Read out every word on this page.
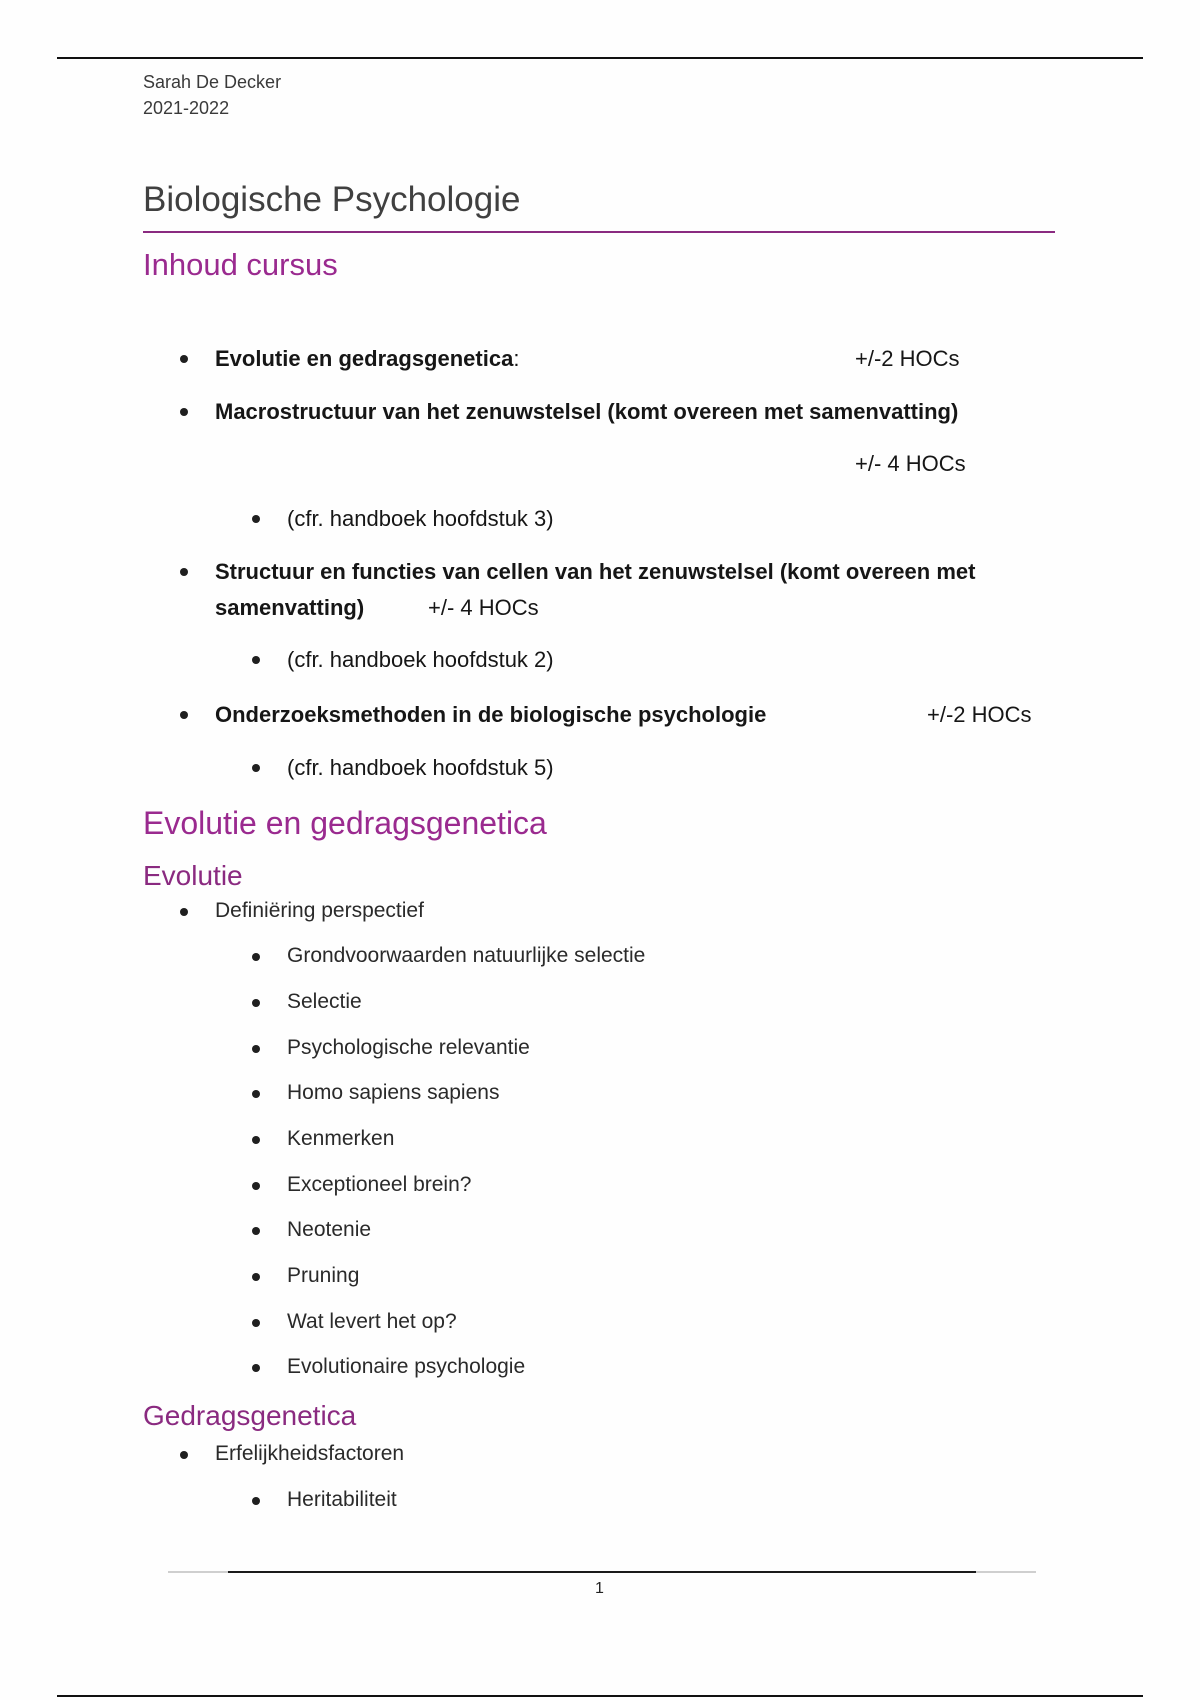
Sarah De Decker
2021-2022
Biologische Psychologie
Inhoud cursus
Evolutie en gedragsgenetica:	+/-2 HOCs
Macrostructuur van het zenuwstelsel (komt overeen met samenvatting)
+/- 4 HOCs
(cfr. handboek hoofdstuk 3)
Structuur en functies van cellen van het zenuwstelsel (komt overeen met
samenvatting)	+/- 4 HOCs
(cfr. handboek hoofdstuk 2)
Onderzoeksmethoden in de biologische psychologie	+/-2 HOCs
(cfr. handboek hoofdstuk 5)
Evolutie en gedragsgenetica
Evolutie
Definiëring perspectief
Grondvoorwaarden natuurlijke selectie
Selectie
Psychologische relevantie
Homo sapiens sapiens
Kenmerken
Exceptioneel brein?
Neotenie
Pruning
Wat levert het op?
Evolutionaire psychologie
Gedragsgenetica
Erfelijkheidsfactoren
Heritabiliteit
1
